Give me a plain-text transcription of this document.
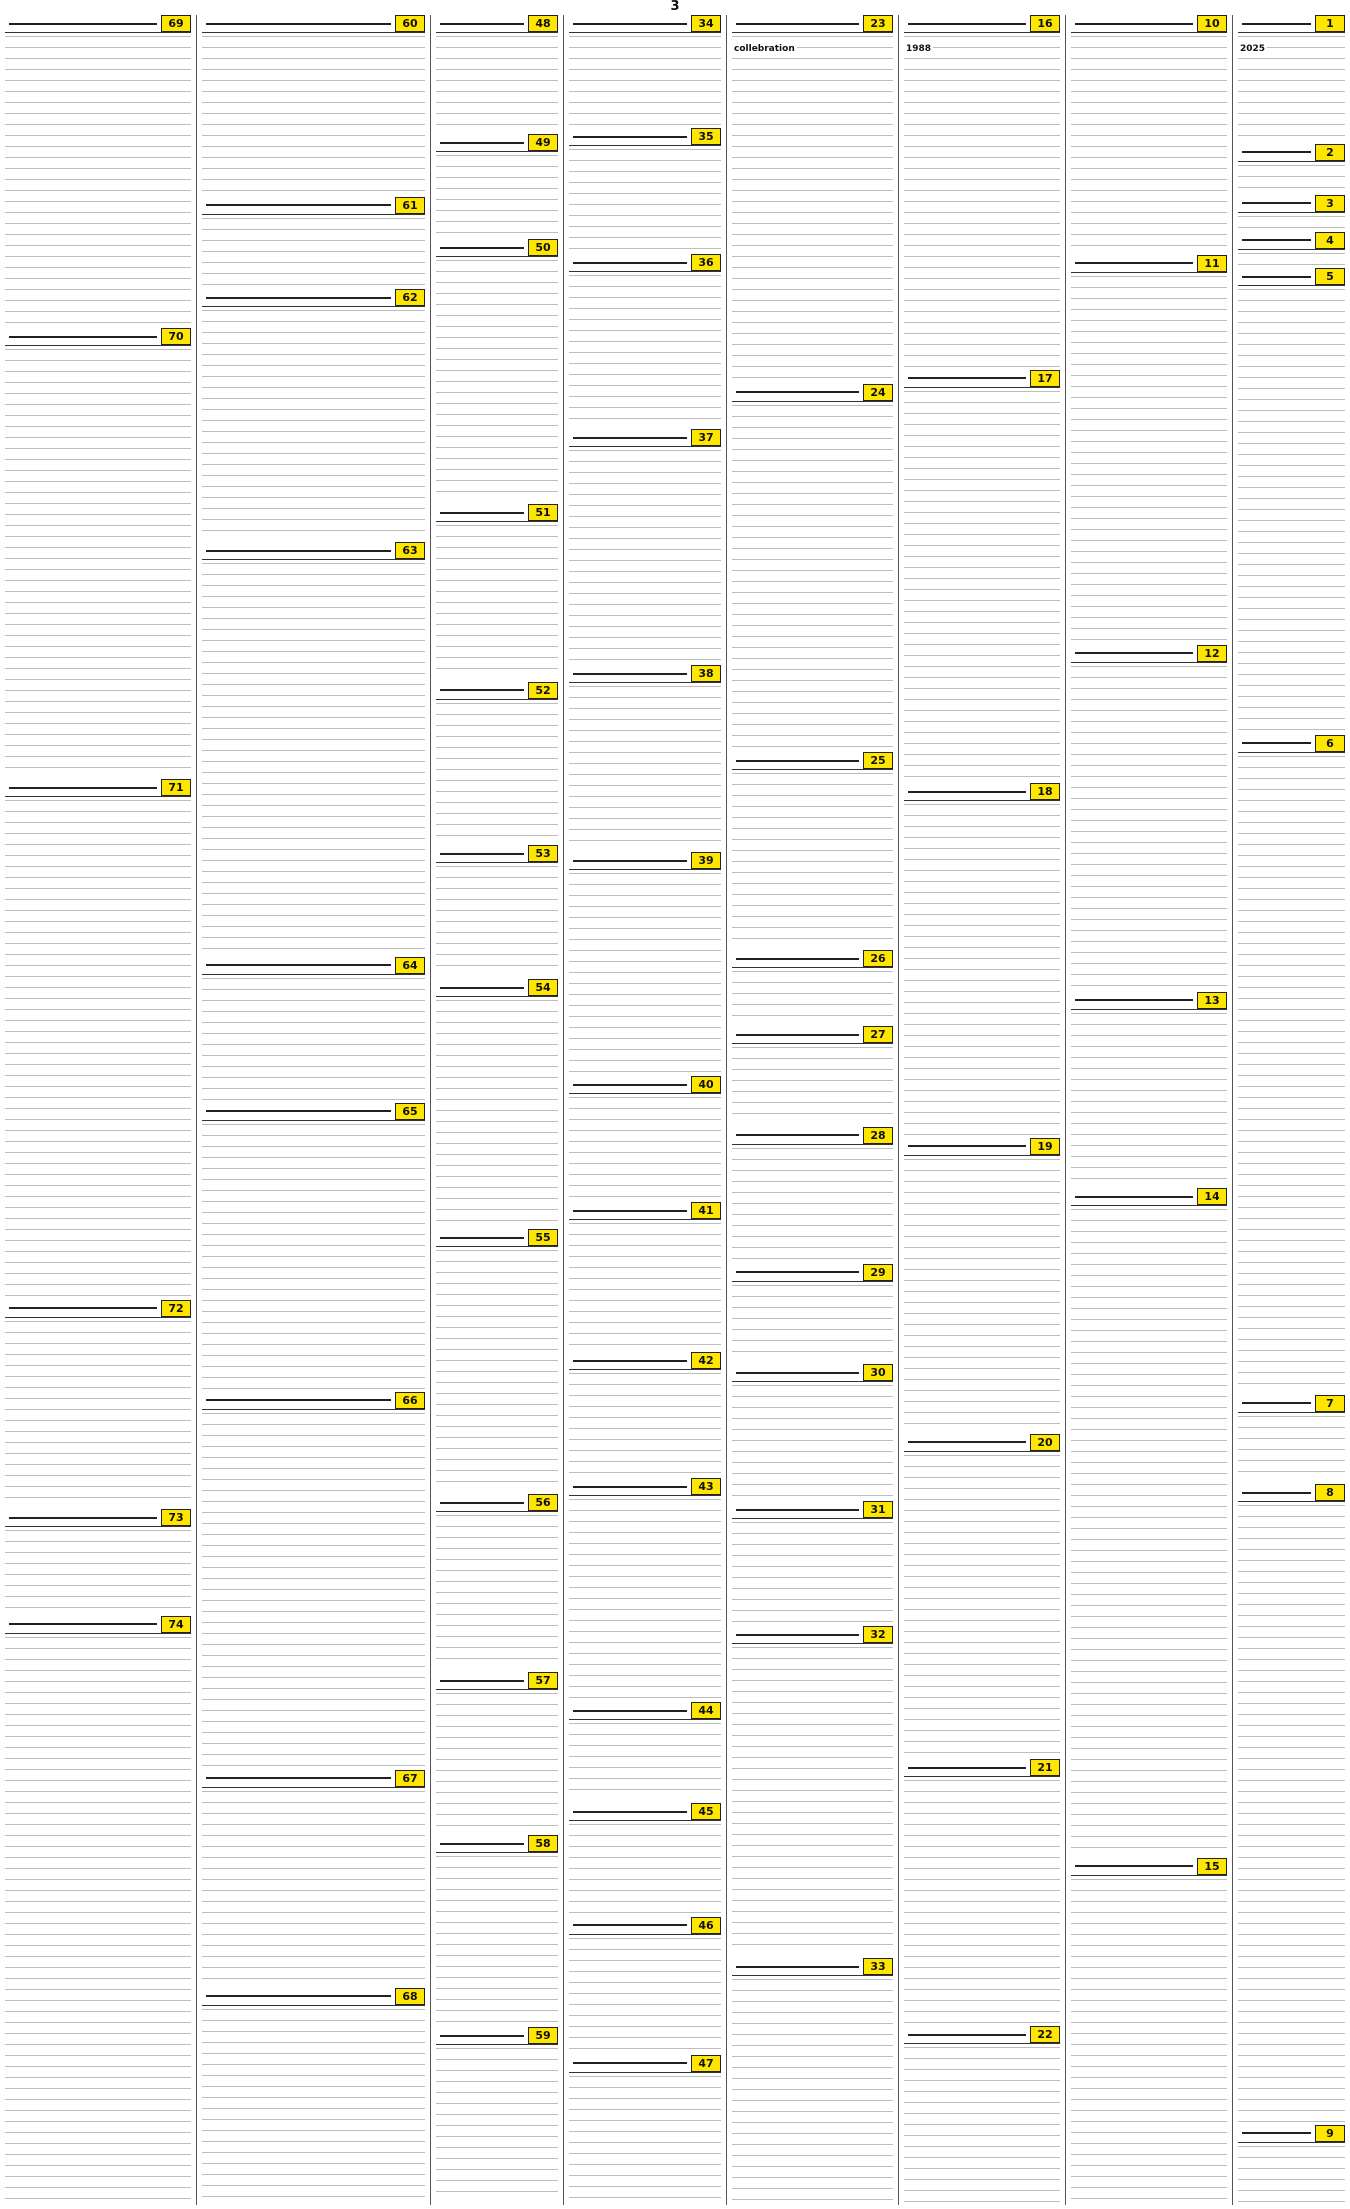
3
1
2025
2
3
4
5
6
7
8
9
10
11
12
13
14
15
16
1988
17
18
19
20
21
22
23
collebration
24
25
26
27
28
29
30
31
32
33
34
35
36
37
38
39
40
41
42
43
44
45
46
47
48
49
50
51
52
53
54
55
56
57
58
59
60
61
62
63
64
65
66
67
68
69
70
71
72
73
74
